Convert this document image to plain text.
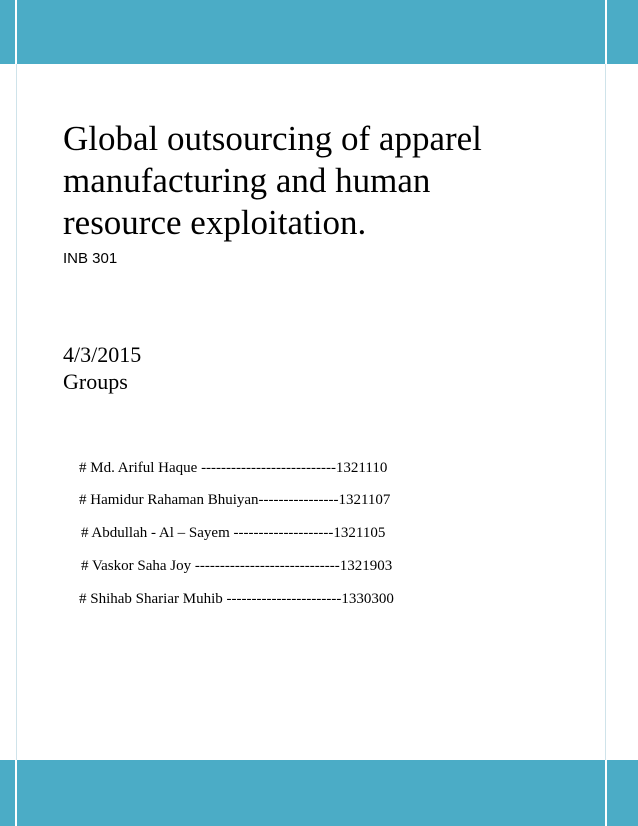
Global outsourcing of apparel
manufacturing and human
resource exploitation.
INB 301
4/3/2015
Groups
# Md. Ariful Haque ---------------------------1321110
# Hamidur Rahaman Bhuiyan----------------1321107
# Abdullah - Al – Sayem --------------------1321105
# Vaskor Saha Joy -----------------------------1321903
# Shihab Shariar Muhib -----------------------1330300
